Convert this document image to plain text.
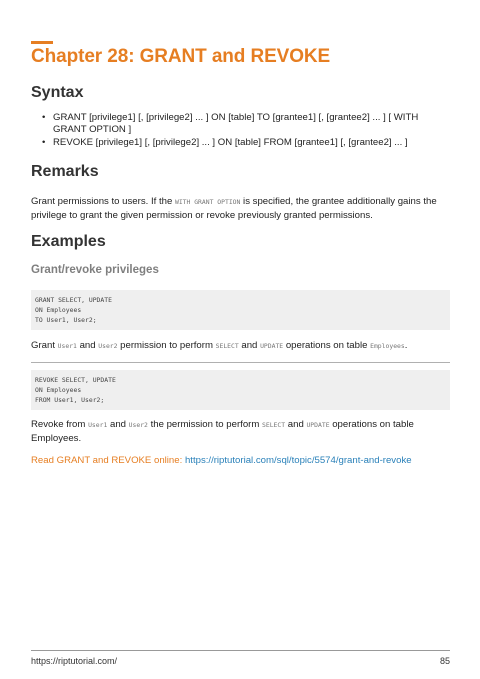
Chapter 28: GRANT and REVOKE
Syntax
• GRANT [privilege1] [, [privilege2] ... ] ON [table] TO [grantee1] [, [grantee2] ... ] [ WITH GRANT OPTION ]
• REVOKE [privilege1] [, [privilege2] ... ] ON [table] FROM [grantee1] [, [grantee2] ... ]
Remarks
Grant permissions to users. If the WITH GRANT OPTION is specified, the grantee additionally gains the privilege to grant the given permission or revoke previously granted permissions.
Examples
Grant/revoke privileges
GRANT SELECT, UPDATE
ON Employees
TO User1, User2;
Grant User1 and User2 permission to perform SELECT and UPDATE operations on table Employees.
REVOKE SELECT, UPDATE
ON Employees
FROM User1, User2;
Revoke from User1 and User2 the permission to perform SELECT and UPDATE operations on table Employees.
Read GRANT and REVOKE online: https://riptutorial.com/sql/topic/5574/grant-and-revoke
https://riptutorial.com/	85
